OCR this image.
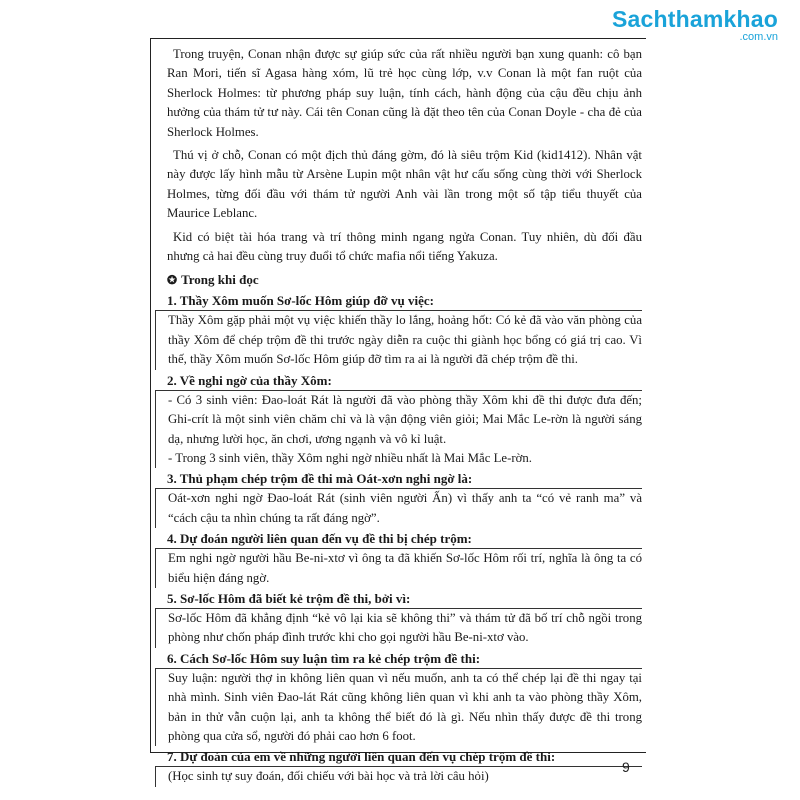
Sachthamkhao
.com.vn

Trong truyện, Conan nhận được sự giúp sức của rất nhiều người bạn xung quanh: cô bạn Ran Mori, tiến sĩ Agasa hàng xóm, lũ trẻ học cùng lớp, v.v Conan là một fan ruột của Sherlock Holmes: từ phương pháp suy luận, tính cách, hành động của cậu đều chịu ảnh hưởng của thám tử tư này. Cái tên Conan cũng là đặt theo tên của Conan Doyle - cha đẻ của Sherlock Holmes.

Thú vị ở chỗ, Conan có một địch thủ đáng gờm, đó là siêu trộm Kid (kid1412). Nhân vật này được lấy hình mẫu từ Arsène Lupin một nhân vật hư cấu sống cùng thời với Sherlock Holmes, từng đối đầu với thám tử người Anh vài lần trong một số tập tiểu thuyết của Maurice Leblanc.

Kid có biệt tài hóa trang và trí thông minh ngang ngửa Conan. Tuy nhiên, dù đối đầu nhưng cả hai đều cùng truy đuổi tổ chức mafia nổi tiếng Yakuza.

✪ Trong khi đọc
1. Thầy Xôm muốn Sơ-lốc Hôm giúp đỡ vụ việc:

Thầy Xôm gặp phải một vụ việc khiến thầy lo lắng, hoảng hốt: Có kẻ đã vào văn phòng của thầy Xôm để chép trộm đề thi trước ngày diễn ra cuộc thi giành học bổng có giá trị cao. Vì thế, thầy Xôm muốn Sơ-lốc Hôm giúp đỡ tìm ra ai là người đã chép trộm đề thi.

2. Về nghi ngờ của thầy Xôm:

- Có 3 sinh viên: Đao-loát Rát là người đã vào phòng thầy Xôm khi đề thi được đưa đến; Ghi-crít là một sinh viên chăm chỉ và là vận động viên giỏi; Mai Mắc Le-rờn là người sáng dạ, nhưng lười học, ăn chơi, ương ngạnh và vô kỉ luật.

- Trong 3 sinh viên, thầy Xôm nghi ngờ nhiều nhất là Mai Mắc Le-rờn.

3. Thủ phạm chép trộm đề thi mà Oát-xơn nghi ngờ là:

Oát-xơn nghi ngờ Đao-loát Rát (sinh viên người Ấn) vì thấy anh ta “có vẻ ranh ma” và “cách cậu ta nhìn chúng ta rất đáng ngờ”.

4. Dự đoán người liên quan đến vụ đề thi bị chép trộm:

Em nghi ngờ người hầu Be-ni-xtơ vì ông ta đã khiến Sơ-lốc Hôm rối trí, nghĩa là ông ta có biểu hiện đáng ngờ.

5. Sơ-lốc Hôm đã biết kẻ trộm đề thi, bởi vì:

Sơ-lốc Hôm đã khẳng định “kẻ vô lại kia sẽ không thi” và thám tử đã bố trí chỗ ngồi trong phòng như chốn pháp đình trước khi cho gọi người hầu Be-ni-xtơ vào.

6. Cách Sơ-lốc Hôm suy luận tìm ra kẻ chép trộm đề thi:

Suy luận: người thợ in không liên quan vì nếu muốn, anh ta có thể chép lại đề thi ngay tại nhà mình. Sinh viên Đao-lát Rát cũng không liên quan vì khi anh ta vào phòng thầy Xôm, bản in thử vẫn cuộn lại, anh ta không thể biết đó là gì. Nếu nhìn thấy được đề thi trong phòng qua cửa sổ, người đó phải cao hơn 6 foot.

7. Dự đoán của em về những người liên quan đến vụ chép trộm đề thi:

(Học sinh tự suy đoán, đối chiếu với bài học và trả lời câu hỏi)

9
